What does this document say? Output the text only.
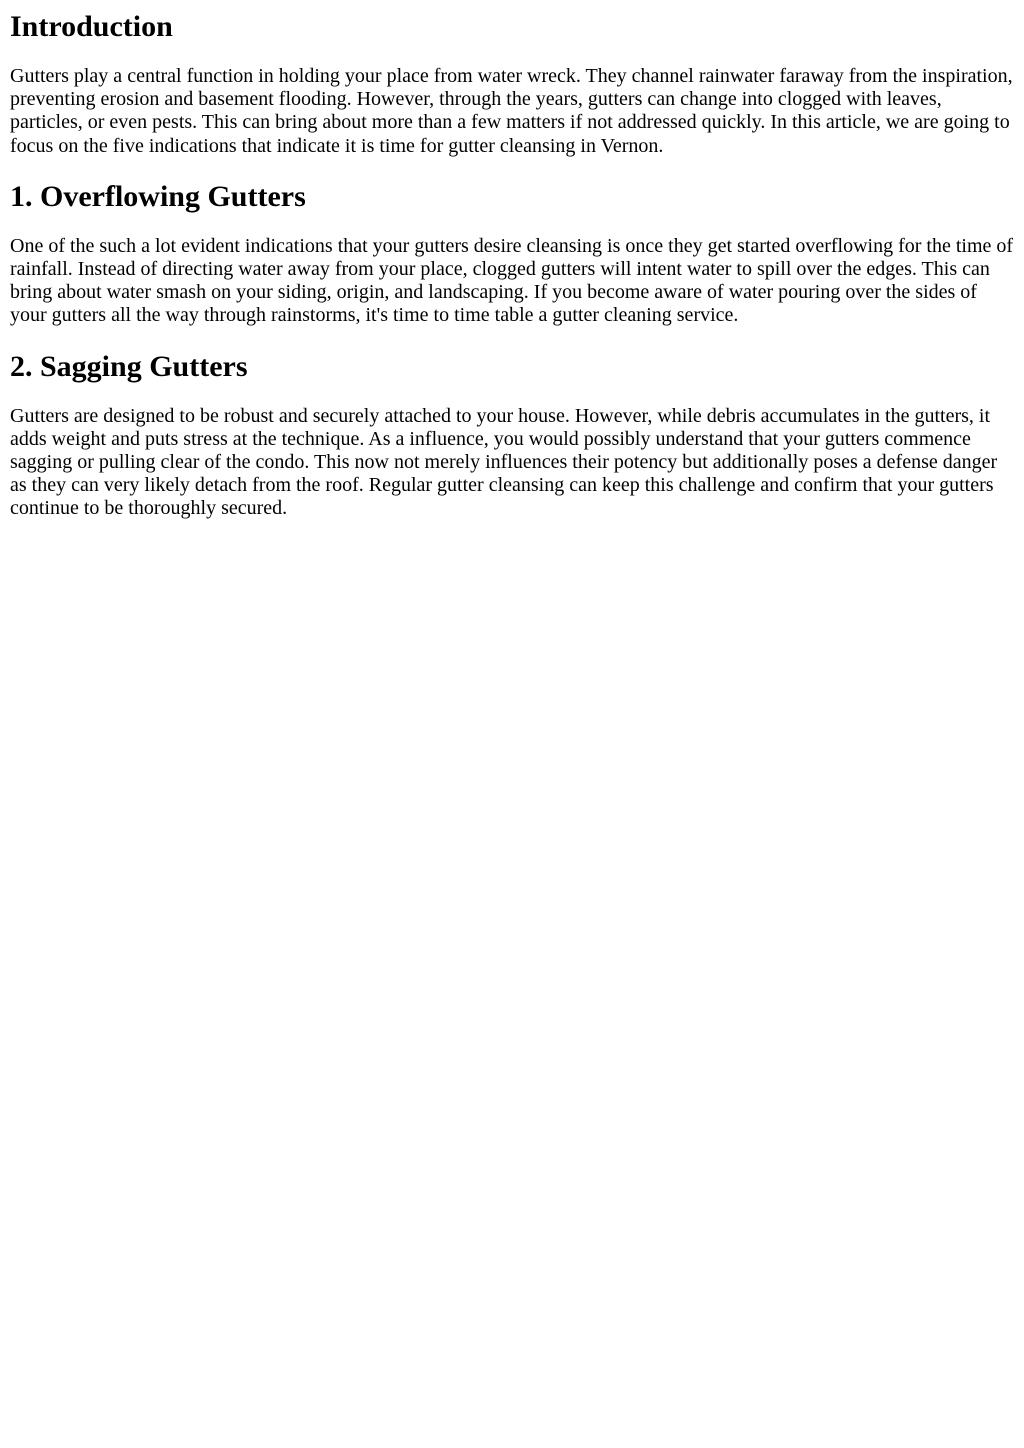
Introduction

Gutters play a central function in holding your place from water wreck. They channel rainwater faraway from the inspiration, preventing erosion and basement flooding. However, through the years, gutters can change into clogged with leaves, particles, or even pests. This can bring about more than a few matters if not addressed quickly. In this article, we are going to focus on the five indications that indicate it is time for gutter cleansing in Vernon.

1. Overflowing Gutters

One of the such a lot evident indications that your gutters desire cleansing is once they get started overflowing for the time of rainfall. Instead of directing water away from your place, clogged gutters will intent water to spill over the edges. This can bring about water smash on your siding, origin, and landscaping. If you become aware of water pouring over the sides of your gutters all the way through rainstorms, it's time to time table a gutter cleaning service.

2. Sagging Gutters

Gutters are designed to be robust and securely attached to your house. However, while debris accumulates in the gutters, it adds weight and puts stress at the technique. As a influence, you would possibly understand that your gutters commence sagging or pulling clear of the condo. This now not merely influences their potency but additionally poses a defense danger as they can very likely detach from the roof. Regular gutter cleansing can keep this challenge and confirm that your gutters continue to be thoroughly secured.
